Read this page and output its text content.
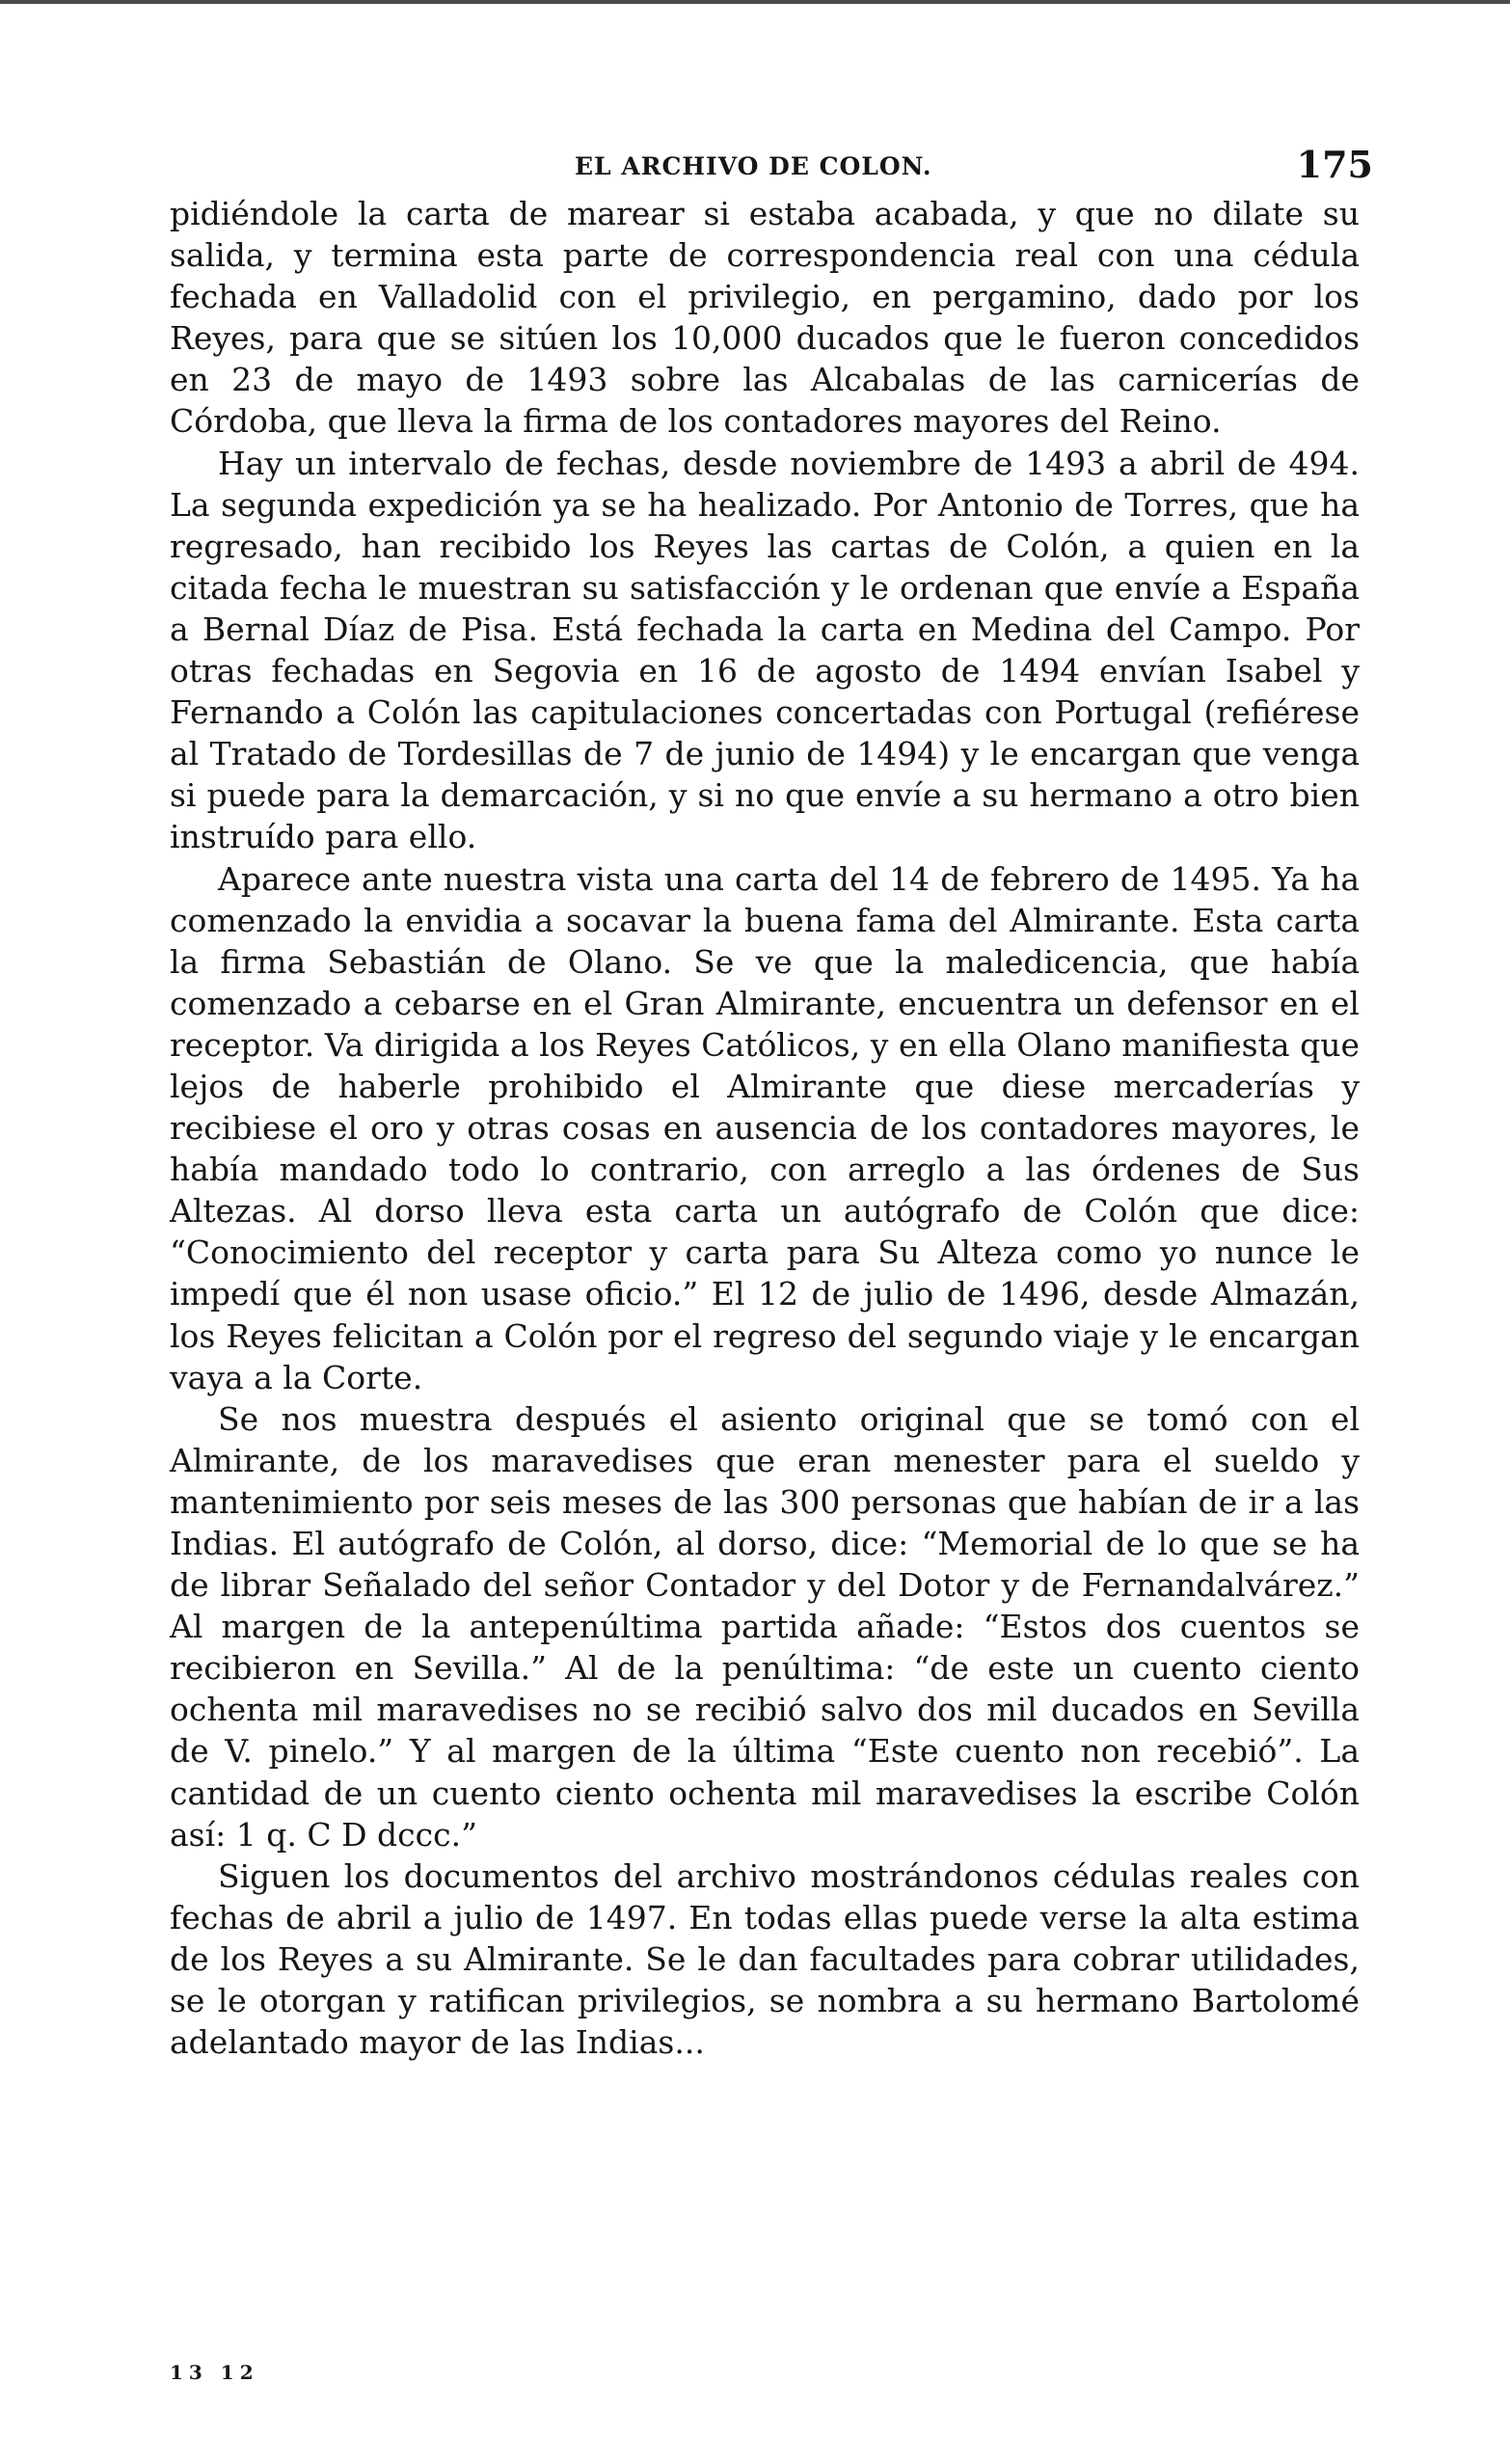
EL ARCHIVO DE COLON.	175

pidiéndole la carta de marear si estaba acabada, y que no dilate su salida, y termina esta parte de correspondencia real con una cédula fechada en Valladolid con el privilegio, en pergamino, dado por los Reyes, para que se sitúen los 10,000 ducados que le fueron concedidos en 23 de mayo de 1493 sobre las Alcabalas de las carnicerías de Córdoba, que lleva la firma de los contadores mayores del Reino.

Hay un intervalo de fechas, desde noviembre de 1493 a abril de 494. La segunda expedición ya se ha healizado. Por Antonio de Torres, que ha regresado, han recibido los Reyes las cartas de Colón, a quien en la citada fecha le muestran su satisfacción y le ordenan que envíe a España a Bernal Díaz de Pisa. Está fechada la carta en Medina del Campo. Por otras fechadas en Segovia en 16 de agosto de 1494 envían Isabel y Fernando a Colón las capitulaciones concertadas con Portugal (refiérese al Tratado de Tordesillas de 7 de junio de 1494) y le encargan que venga si puede para la demarcación, y si no que envíe a su hermano a otro bien instruído para ello.

Aparece ante nuestra vista una carta del 14 de febrero de 1495. Ya ha comenzado la envidia a socavar la buena fama del Almirante. Esta carta la firma Sebastián de Olano. Se ve que la maledicencia, que había comenzado a cebarse en el Gran Almirante, encuentra un defensor en el receptor. Va dirigida a los Reyes Católicos, y en ella Olano manifiesta que lejos de haberle prohibido el Almirante que diese mercaderías y recibiese el oro y otras cosas en ausencia de los contadores mayores, le había mandado todo lo contrario, con arreglo a las órdenes de Sus Altezas. Al dorso lleva esta carta un autógrafo de Colón que dice: “Conocimiento del receptor y carta para Su Alteza como yo nunce le impedí que él non usase oficio.” El 12 de julio de 1496, desde Almazán, los Reyes felicitan a Colón por el regreso del segundo viaje y le encargan vaya a la Corte.

Se nos muestra después el asiento original que se tomó con el Almirante, de los maravedises que eran menester para el sueldo y mantenimiento por seis meses de las 300 personas que habían de ir a las Indias. El autógrafo de Colón, al dorso, dice: “Memorial de lo que se ha de librar Señalado del señor Contador y del Dotor y de Fernandalvárez.” Al margen de la antepenúltima partida añade: “Estos dos cuentos se recibieron en Sevilla.” Al de la penúltima: “de este un cuento ciento ochenta mil maravedises no se recibió salvo dos mil ducados en Sevilla de V. pinelo.” Y al margen de la última “Este cuento non recebió”. La cantidad de un cuento ciento ochenta mil maravedises la escribe Colón así: 1 q. C D dccc.”

Siguen los documentos del archivo mostrándonos cédulas reales con fechas de abril a julio de 1497. En todas ellas puede verse la alta estima de los Reyes a su Almirante. Se le dan facultades para cobrar utilidades, se le otorgan y ratifican privilegios, se nombra a su hermano Bartolomé adelantado mayor de las Indias...

13 12
